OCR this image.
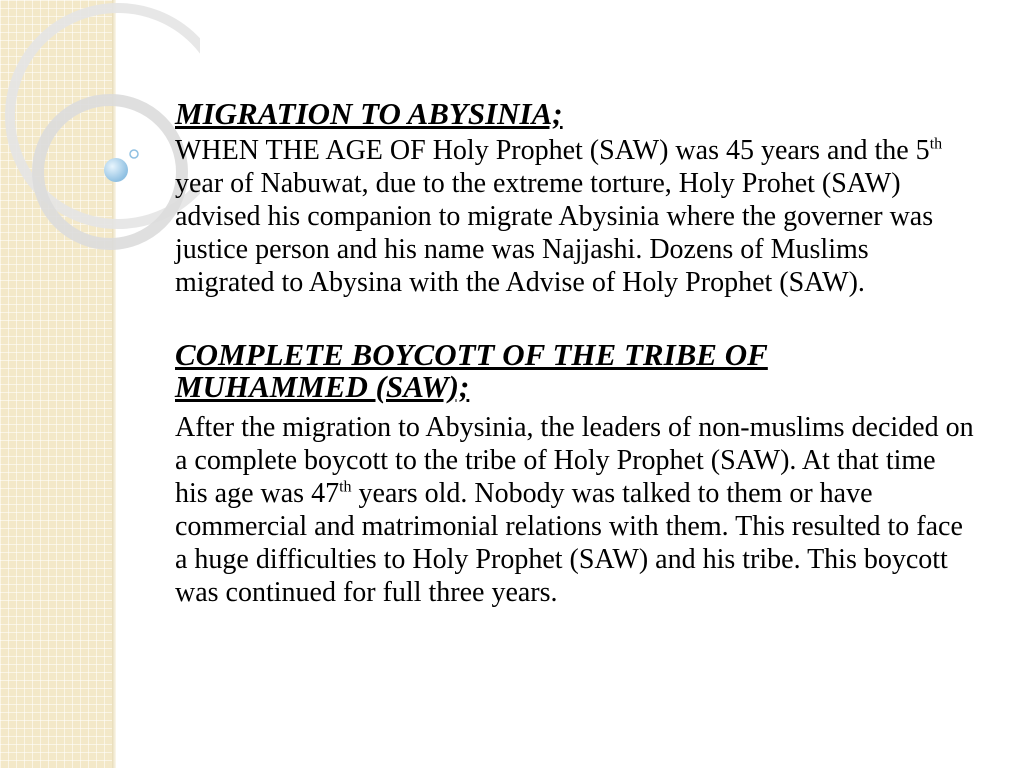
MIGRATION TO ABYSINIA;

WHEN THE AGE OF Holy Prophet (SAW) was 45 years and the 5th year of Nabuwat, due to the extreme torture, Holy Prohet (SAW) advised his companion to migrate Abysinia where the governer was justice person and his name was Najjashi. Dozens of Muslims migrated to Abysina with the Advise of Holy Prophet (SAW).

COMPLETE BOYCOTT OF THE TRIBE OF MUHAMMED (SAW);

After the migration to Abysinia, the leaders of non-muslims decided on a complete boycott to the tribe of Holy Prophet (SAW). At that time his age was 47th years old. Nobody was talked to them or have commercial and matrimonial relations with them. This resulted to face a huge difficulties to Holy Prophet (SAW) and his tribe. This boycott was continued for full three years.
